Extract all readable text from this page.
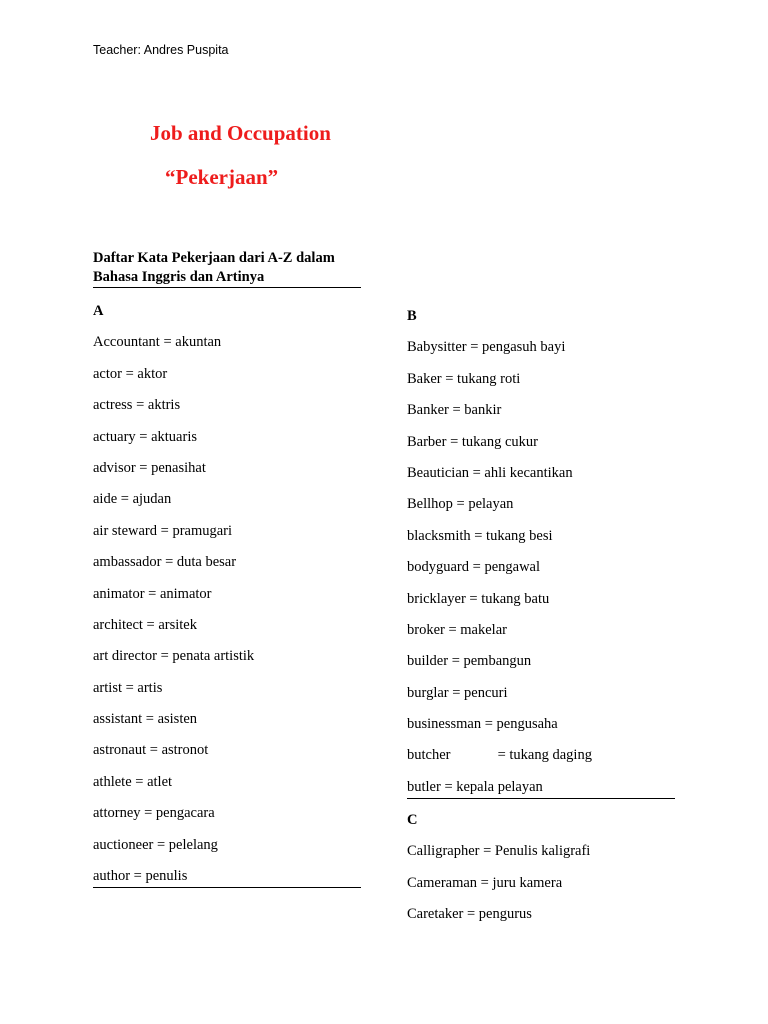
Teacher: Andres Puspita
Job and Occupation
“Pekerjaan”
Daftar Kata Pekerjaan dari A-Z dalam
Bahasa Inggris dan Artinya
A
Accountant = akuntan
actor = aktor
actress = aktris
actuary = aktuaris
advisor = penasihat
aide = ajudan
air steward = pramugari
ambassador = duta besar
animator = animator
architect = arsitek
art director = penata artistik
artist = artis
assistant = asisten
astronaut = astronot
athlete = atlet
attorney = pengacara
auctioneer = pelelang
author = penulis
B
Babysitter = pengasuh bayi
Baker = tukang roti
Banker = bankir
Barber = tukang cukur
Beautician = ahli kecantikan
Bellhop = pelayan
blacksmith = tukang besi
bodyguard = pengawal
bricklayer = tukang batu
broker = makelar
builder = pembangun
burglar = pencuri
businessman = pengusaha
butcher             = tukang daging
butler = kepala pelayan
C
Calligrapher = Penulis kaligrafi
Cameraman = juru kamera
Caretaker = pengurus
